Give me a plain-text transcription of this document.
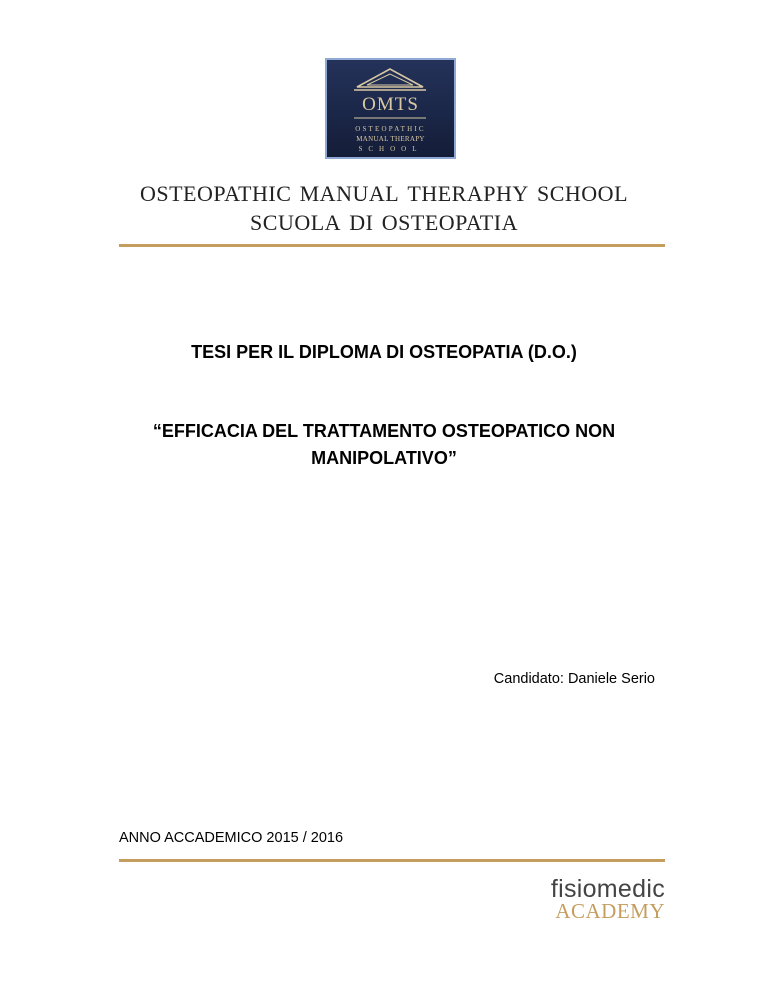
OMTS
OSTEOPATHIC
MANUAL THERAPY
SCHOOL
osteopathic manual theraphy school
scuola di osteopatia
TESI PER IL DIPLOMA DI OSTEOPATIA (D.O.)
“EFFICACIA DEL TRATTAMENTO OSTEOPATICO NON
MANIPOLATIVO”
Candidato: Daniele Serio
ANNO ACCADEMICO 2015 / 2016
fisiomedic
ACADEMY
